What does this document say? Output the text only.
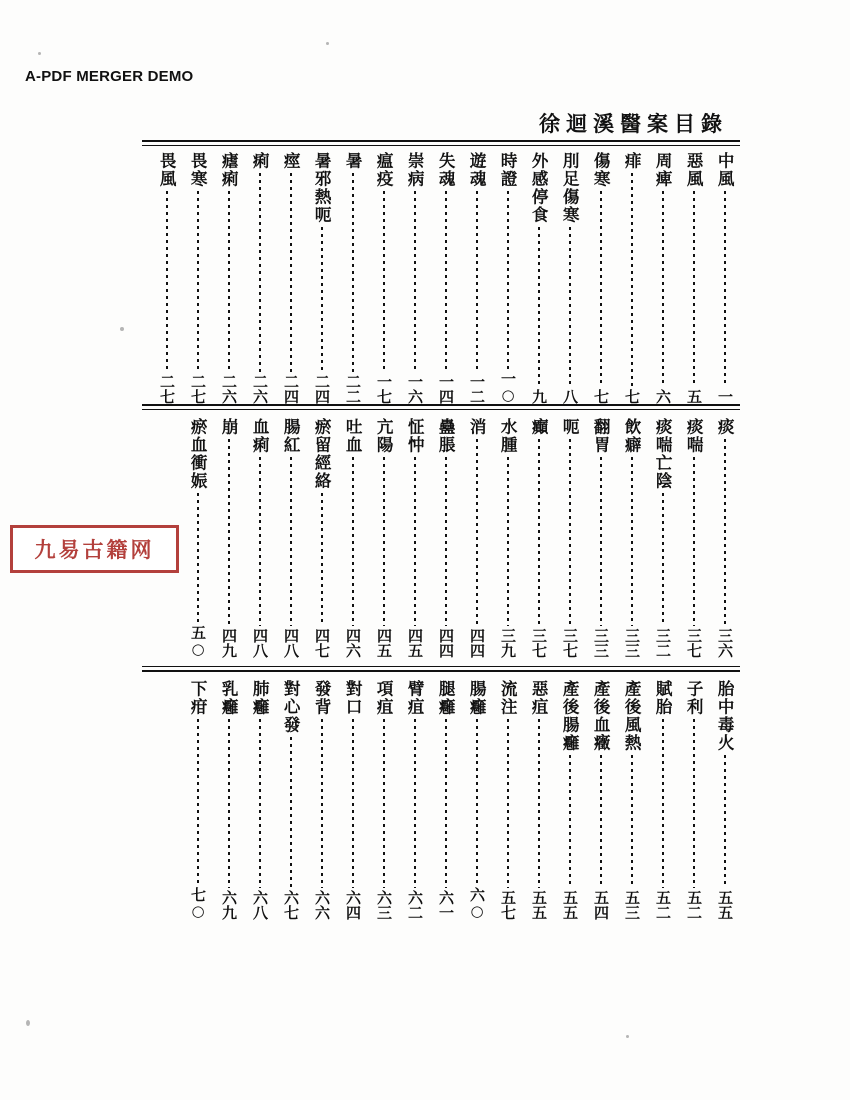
A-PDF MERGER DEMO
徐迴溪醫案目錄
中風
一
惡風
五
周痺
六
痱
七
傷寒
七
刖足傷寒
八
外感停食
九
時證
一○
遊魂
一二
失魂
一四
崇病
一六
瘟疫
一七
暑
二二
暑邪熱呃
二四
痙
二四
痢
二六
瘧痢
二六
畏寒
二七
畏風
二七
痰
三六
痰喘
三七
痰喘亡陰
三二
飲癖
三三
翻胃
三三
呃
三七
癲
三七
水腫
三九
消
四四
蠱脹
四四
怔忡
四五
亢陽
四五
吐血
四六
瘀留經絡
四七
腸紅
四八
血痢
四八
崩
四九
瘀血衝娠
五○
胎中毒火
五五
子利
五二
賦胎
五二
產後風熱
五三
產後血癥
五四
產後腸癰
五五
惡疽
五五
流注
五七
腸癰
六○
腿癰
六一
臂疽
六二
項疽
六三
對口
六四
發背
六六
對心發
六七
肺癰
六八
乳癰
六九
下疳
七○
九易古籍网
